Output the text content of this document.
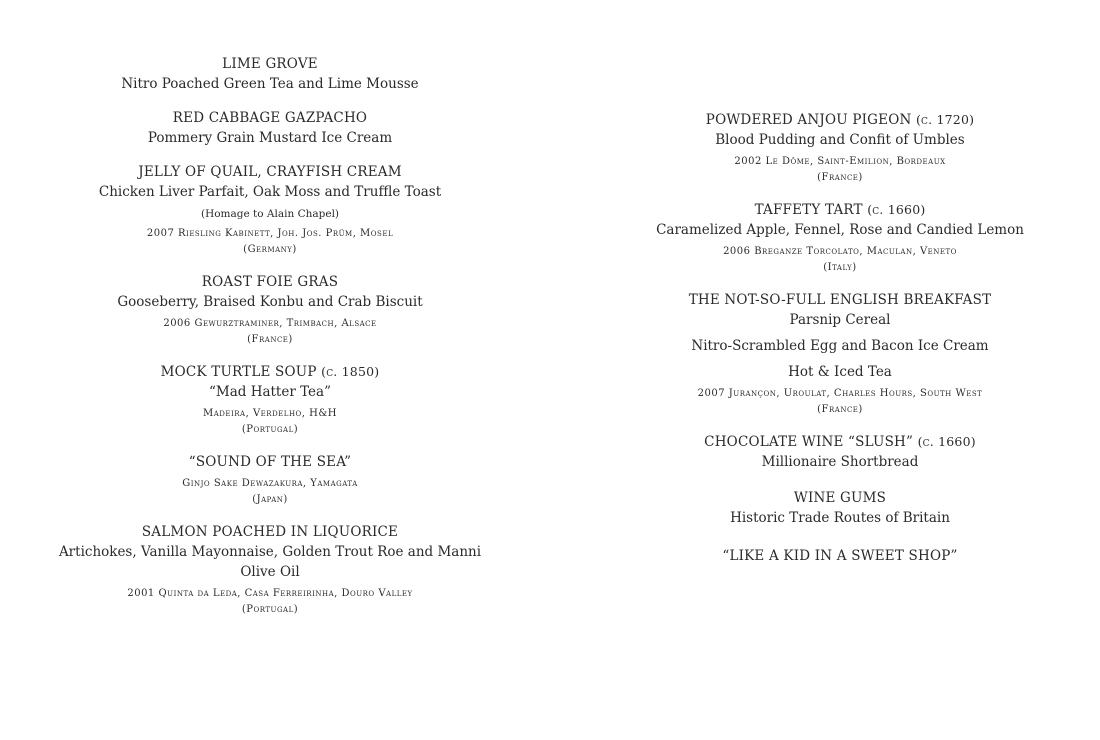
LIME GROVE
Nitro Poached Green Tea and Lime Mousse
RED CABBAGE GAZPACHO
Pommery Grain Mustard Ice Cream
JELLY OF QUAIL, CRAYFISH CREAM
Chicken Liver Parfait, Oak Moss and Truffle Toast
(Homage to Alain Chapel)
2007 Riesling Kabinett, Joh. Jos. Prüm, Mosel
(Germany)
ROAST FOIE GRAS
Gooseberry, Braised Konbu and Crab Biscuit
2006 Gewurztraminer, Trimbach, Alsace
(France)
MOCK TURTLE SOUP (c. 1850)
“Mad Hatter Tea”
Madeira, Verdelho, H&H
(Portugal)
“SOUND OF THE SEA”
Ginjo Sake Dewazakura, Yamagata
(Japan)
SALMON POACHED IN LIQUORICE
Artichokes, Vanilla Mayonnaise, Golden Trout Roe and Manni Olive Oil
2001 Quinta da Leda, Casa Ferreirinha, Douro Valley
(Portugal)
POWDERED ANJOU PIGEON (c. 1720)
Blood Pudding and Confit of Umbles
2002 Le Dôme, Saint-Emilion, Bordeaux
(France)
TAFFETY TART (c. 1660)
Caramelized Apple, Fennel, Rose and Candied Lemon
2006 Breganze Torcolato, Maculan, Veneto
(Italy)
THE NOT-SO-FULL ENGLISH BREAKFAST
Parsnip Cereal
Nitro-Scrambled Egg and Bacon Ice Cream
Hot & Iced Tea
2007 Jurançon, Uroulat, Charles Hours, South West
(France)
CHOCOLATE WINE “SLUSH” (c. 1660)
Millionaire Shortbread
WINE GUMS
Historic Trade Routes of Britain
“LIKE A KID IN A SWEET SHOP”
